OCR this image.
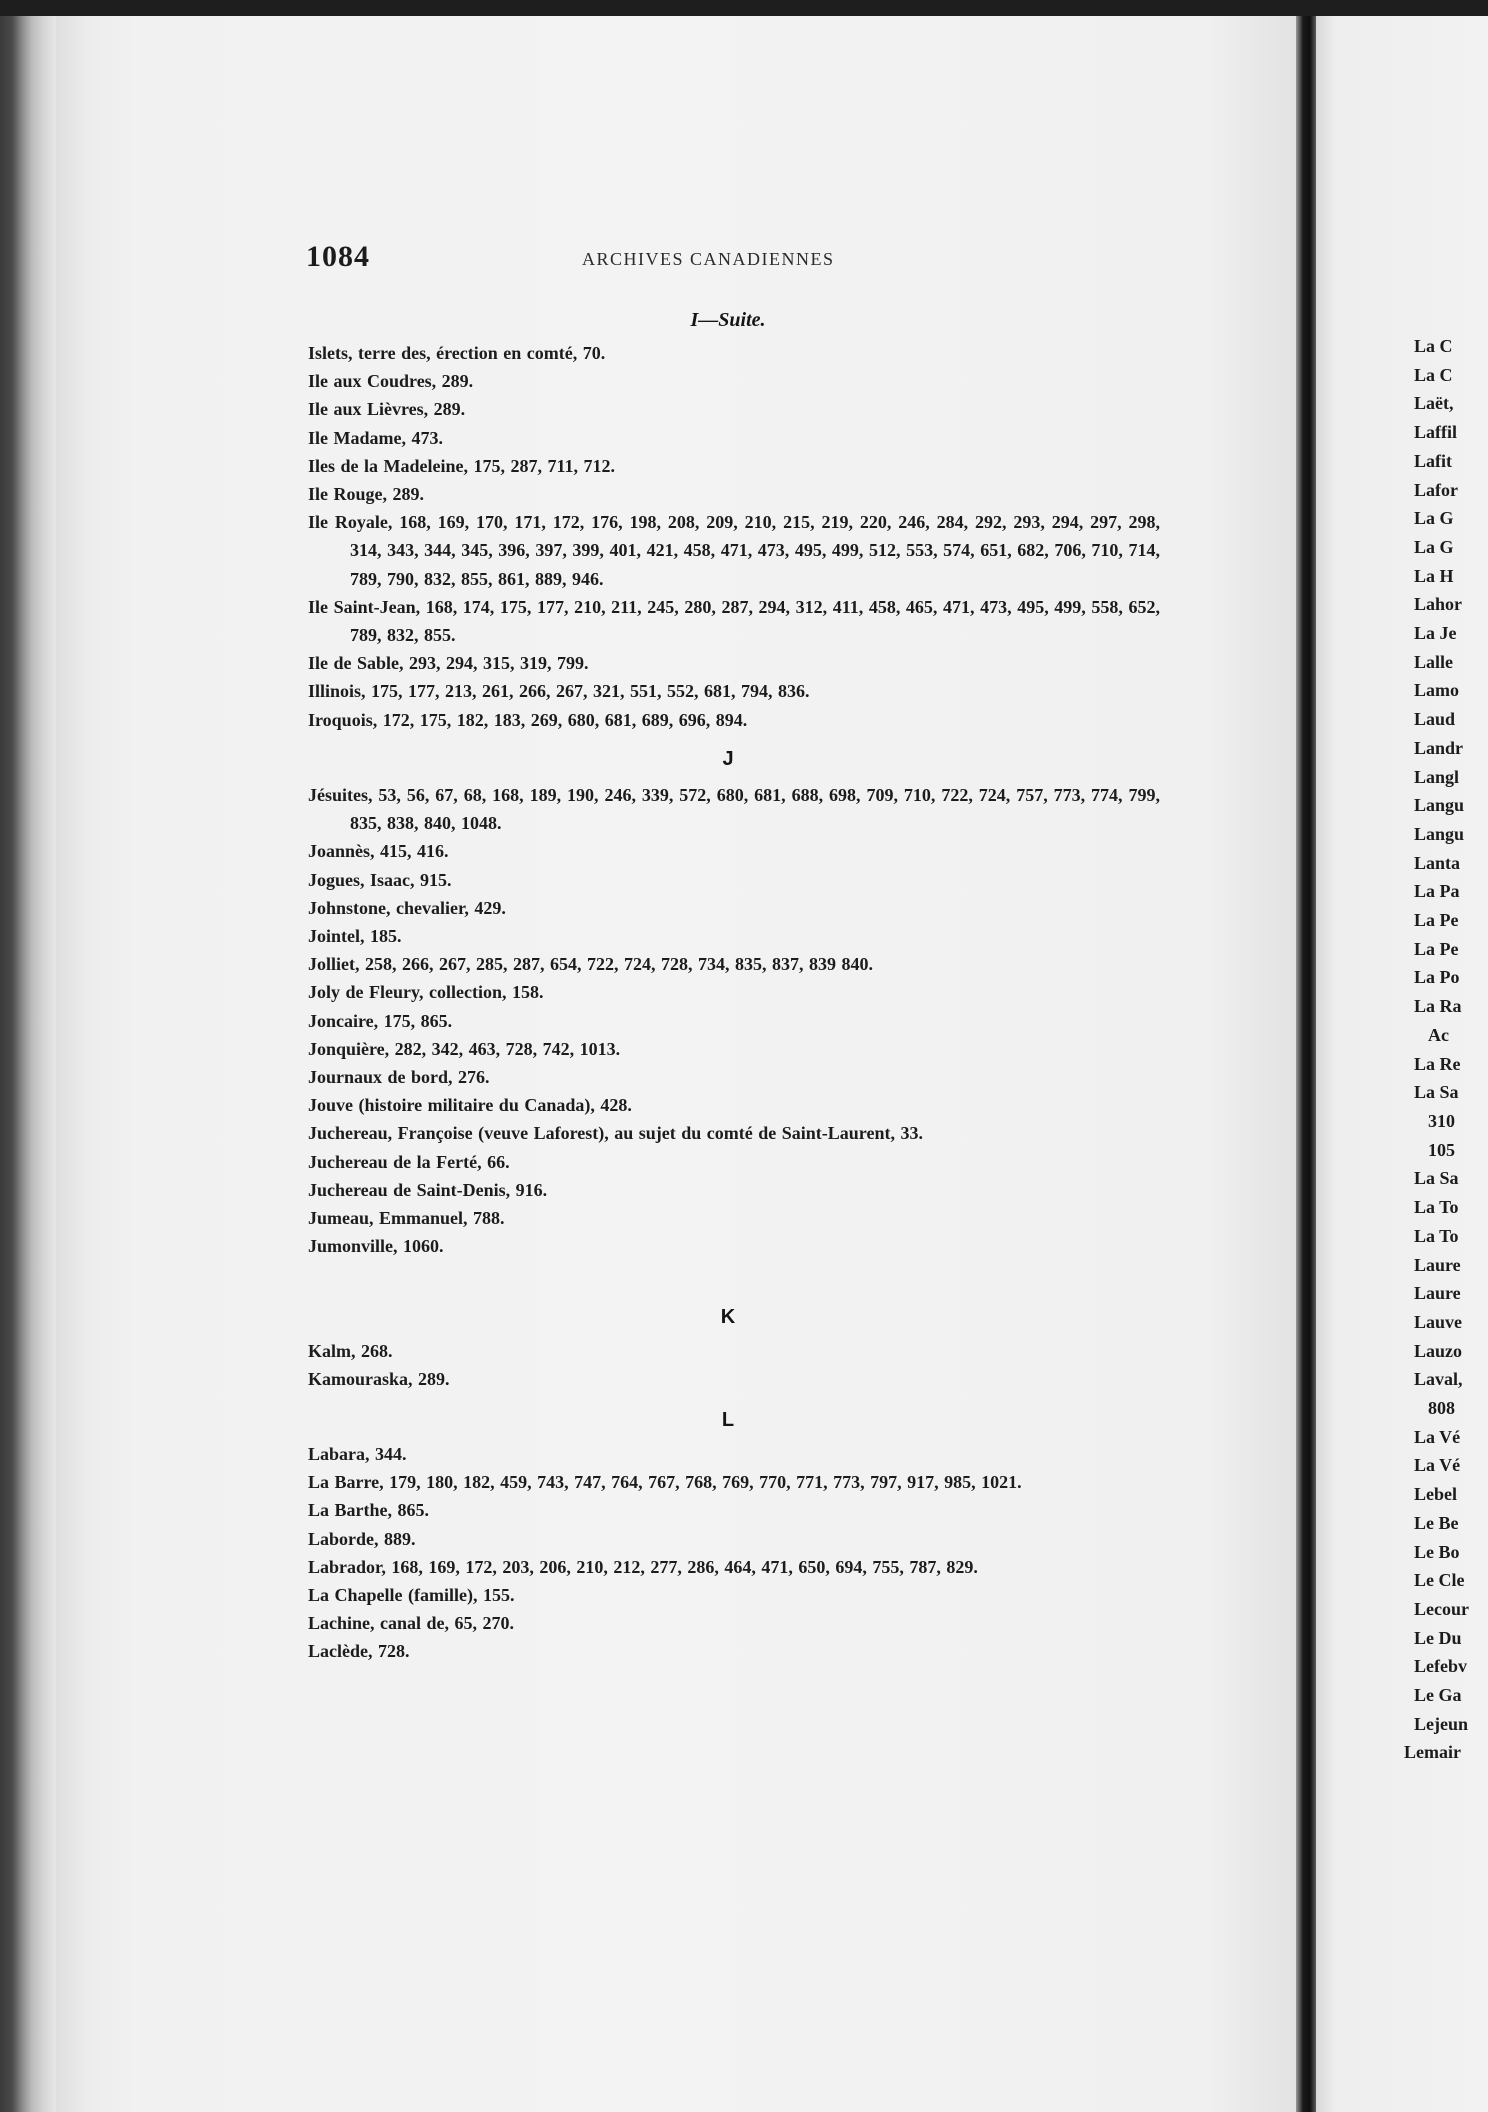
1084	ARCHIVES CANADIENNES
I—Suite.

Islets, terre des, érection en comté, 70.

Ile aux Coudres, 289.

Ile aux Lièvres, 289.

Ile Madame, 473.

Iles de la Madeleine, 175, 287, 711, 712.

Ile Rouge, 289.

Ile Royale, 168, 169, 170, 171, 172, 176, 198, 208, 209, 210, 215, 219, 220, 246, 284, 292, 293, 294, 297, 298, 314, 343, 344, 345, 396, 397, 399, 401, 421, 458, 471, 473, 495, 499, 512, 553, 574, 651, 682, 706, 710, 714, 789, 790, 832, 855, 861, 889, 946.

Ile Saint-Jean, 168, 174, 175, 177, 210, 211, 245, 280, 287, 294, 312, 411, 458, 465, 471, 473, 495, 499, 558, 652, 789, 832, 855.

Ile de Sable, 293, 294, 315, 319, 799.

Illinois, 175, 177, 213, 261, 266, 267, 321, 551, 552, 681, 794, 836.

Iroquois, 172, 175, 182, 183, 269, 680, 681, 689, 696, 894.

J

Jésuites, 53, 56, 67, 68, 168, 189, 190, 246, 339, 572, 680, 681, 688, 698, 709, 710, 722, 724, 757, 773, 774, 799, 835, 838, 840, 1048.

Joannès, 415, 416.

Jogues, Isaac, 915.

Johnstone, chevalier, 429.

Jointel, 185.

Jolliet, 258, 266, 267, 285, 287, 654, 722, 724, 728, 734, 835, 837, 839 840.

Joly de Fleury, collection, 158.

Joncaire, 175, 865.

Jonquière, 282, 342, 463, 728, 742, 1013.

Journaux de bord, 276.

Jouve (histoire militaire du Canada), 428.

Juchereau, Françoise (veuve Laforest), au sujet du comté de Saint-Laurent, 33.

Juchereau de la Ferté, 66.

Juchereau de Saint-Denis, 916.

Jumeau, Emmanuel, 788.

Jumonville, 1060.

K

Kalm, 268.

Kamouraska, 289.

L

Labara, 344.

La Barre, 179, 180, 182, 459, 743, 747, 764, 767, 768, 769, 770, 771, 773, 797, 917, 985, 1021.

La Barthe, 865.

Laborde, 889.

Labrador, 168, 169, 172, 203, 206, 210, 212, 277, 286, 464, 471, 650, 694, 755, 787, 829.

La Chapelle (famille), 155.

Lachine, canal de, 65, 270.

Laclède, 728.

La C
La C
Laët,
Laffil
Lafit
Lafor
La G
La G
La H
Lahor
La Je
Lalle
Lamo
Laud
Landr
Langl
Langu
Langu
Lanta
La Pa
La Pe
La Pe
La Po
La Ra
Ac
La Re
La Sa
310
105
La Sa
La To
La To
Laure
Laure
Lauve
Lauzo
Laval,
808
La Vé
La Vé
Lebel
Le Be
Le Bo
Le Cle
Lecour
Le Du
Lefebv
Le Ga
Lejeun
Lemair
